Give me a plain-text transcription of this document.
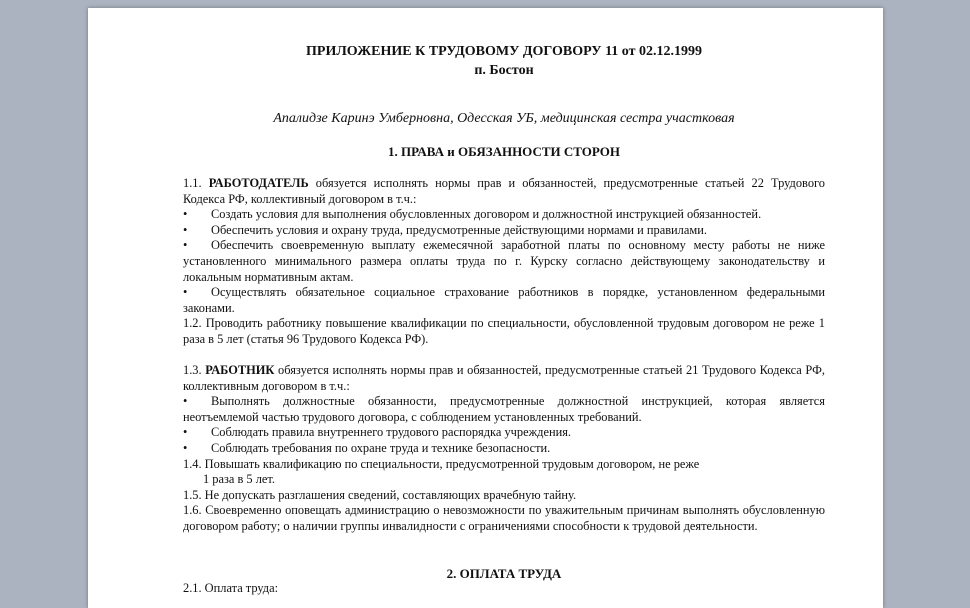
ПРИЛОЖЕНИЕ К ТРУДОВОМУ ДОГОВОРУ 11 от 02.12.1999
п. Бостон
Апалидзе Каринэ Умберновна, Одесская УБ, медицинская сестра участковая
1. ПРАВА и ОБЯЗАННОСТИ СТОРОН

1.1. РАБОТОДАТЕЛЬ обязуется исполнять нормы прав и обязанностей, предусмотренные статьей 22 Трудового Кодекса РФ, коллективный договором в т.ч.:

• Создать условия для выполнения обусловленных договором и должностной инструкцией обязанностей.

• Обеспечить условия и охрану труда, предусмотренные действующими нормами и правилами.

• Обеспечить своевременную выплату ежемесячной заработной платы по основному месту работы не ниже установленного минимального размера оплаты труда по г. Курску согласно действующему законодательству и локальным нормативным актам.

• Осуществлять обязательное социальное страхование работников в порядке, установленном федеральными законами.

1.2. Проводить работнику повышение квалификации по специальности, обусловленной трудовым договором не реже 1 раза в 5 лет (статья 96 Трудового Кодекса РФ).

1.3. РАБОТНИК обязуется исполнять нормы прав и обязанностей, предусмотренные статьей 21 Трудового Кодекса РФ, коллективным договором в т.ч.:

• Выполнять должностные обязанности, предусмотренные должностной инструкцией, которая является неотъемлемой частью трудового договора, с соблюдением установленных требований.

• Соблюдать правила внутреннего трудового распорядка учреждения.

• Соблюдать требования по охране труда и технике безопасности.

1.4. Повышать квалификацию по специальности, предусмотренной трудовым договором, не реже

1 раза в 5 лет.

1.5. Не допускать разглашения сведений, составляющих врачебную тайну.

1.6. Своевременно оповещать администрацию о невозможности по уважительным причинам выполнять обусловленную договором работу; о наличии группы инвалидности с ограничениями способности к трудовой деятельности.

2. ОПЛАТА ТРУДА
2.1. Оплата труда:
